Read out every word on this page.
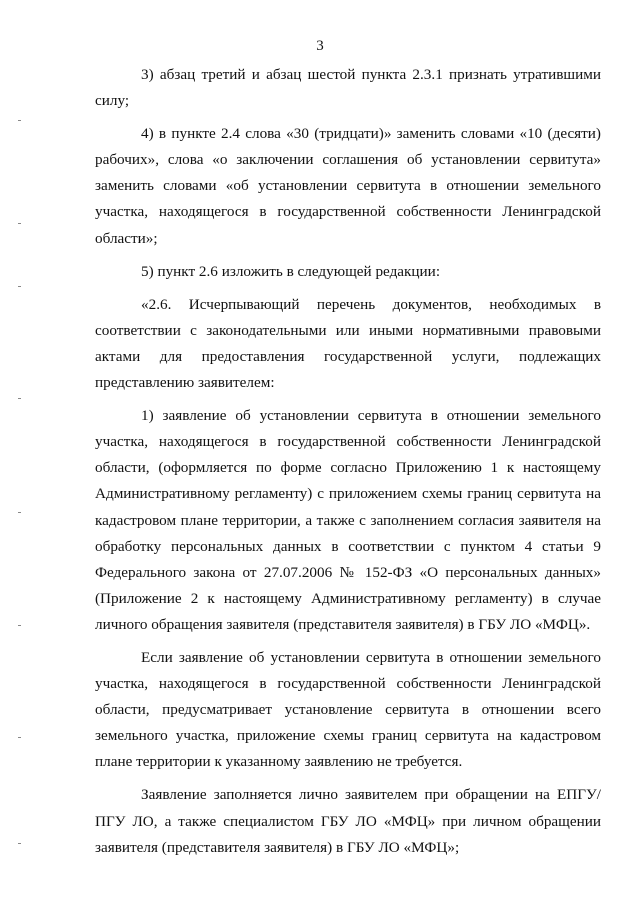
3

3) абзац третий и абзац шестой пункта 2.3.1 признать утратившими силу;

4) в пункте 2.4 слова «30 (тридцати)» заменить словами «10 (десяти) рабочих», слова «о заключении соглашения об установлении сервитута» заменить словами «об установлении сервитута в отношении земельного участка, находящегося в государственной собственности Ленинградской области»;

5) пункт 2.6 изложить в следующей редакции:

«2.6. Исчерпывающий перечень документов, необходимых в соответствии с законодательными или иными нормативными правовыми актами для предоставления государственной услуги, подлежащих представлению заявителем:

1) заявление об установлении сервитута в отношении земельного участка, находящегося в государственной собственности Ленинградской области, (оформляется по форме согласно Приложению 1 к настоящему Административному регламенту) с приложением схемы границ сервитута на кадастровом плане территории, а также с заполнением согласия заявителя на обработку персональных данных в соответствии с пунктом 4 статьи 9 Федерального закона от 27.07.2006 № 152-ФЗ «О персональных данных» (Приложение 2 к настоящему Административному регламенту) в случае личного обращения заявителя (представителя заявителя) в ГБУ ЛО «МФЦ».

Если заявление об установлении сервитута в отношении земельного участка, находящегося в государственной собственности Ленинградской области, предусматривает установление сервитута в отношении всего земельного участка, приложение схемы границ сервитута на кадастровом плане территории к указанному заявлению не требуется.

Заявление заполняется лично заявителем при обращении на ЕПГУ/ПГУ ЛО, а также специалистом ГБУ ЛО «МФЦ» при личном обращении заявителя (представителя заявителя) в ГБУ ЛО «МФЦ»;
